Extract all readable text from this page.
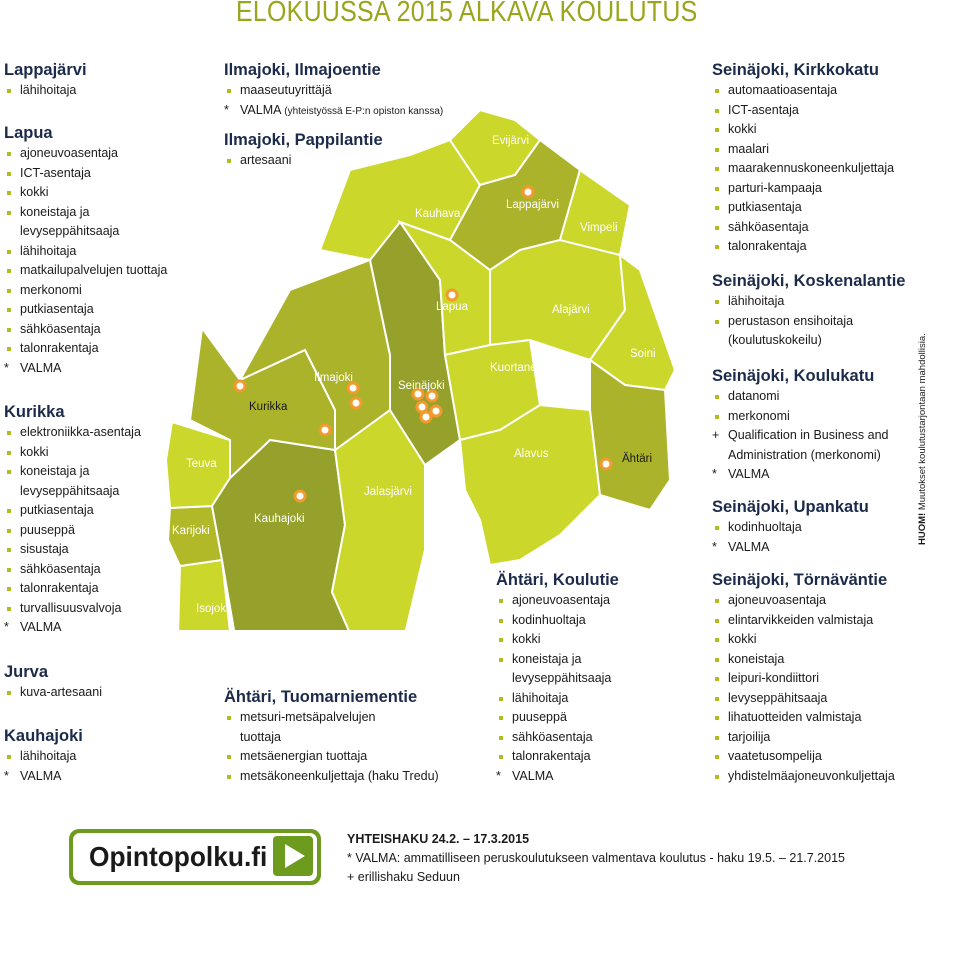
ELOKUUSSA 2015 ALKAVA KOULUTUS
Lappajärvi
lähihoitaja
Lapua
ajoneuvoasentaja
ICT-asentaja
kokki
koneistaja ja
levyseppähitsaaja
lähihoitaja
matkailupalvelujen tuottaja
merkonomi
putkiasentaja
sähköasentaja
talonrakentaja
* VALMA
Kurikka
elektroniikka-asentaja
kokki
koneistaja ja
levyseppähitsaaja
putkiasentaja
puuseppä
sisustaja
sähköasentaja
talonrakentaja
turvallisuusvalvoja
* VALMA
Jurva
kuva-artesaani
Kauhajoki
lähihoitaja
* VALMA
Ilmajoki, Ilmajoentie
maaseutuyrittäjä
* VALMA (yhteistyössä E-P:n opiston kanssa)
Ilmajoki, Pappilantie
artesaani
Evijärvi
Lappajärvi
Vimpeli
Kauhava
Lapua	Alajärvi
Soini
Kuortane
Ilmajoki
Seinäjoki
Kurikka
Alavus	Ähtäri
Teuva
Jalasjärvi
Kauhajoki
Karijoki
Isojoki
Ähtäri, Tuomarniementie
metsuri-metsäpalvelujen
tuottaja
metsäenergian tuottaja
metsäkoneenkuljettaja (haku Tredu)
Ähtäri, Koulutie
ajoneuvoasentaja
kodinhuoltaja
kokki
koneistaja ja
levyseppähitsaaja
lähihoitaja
puuseppä
sähköasentaja
talonrakentaja
* VALMA
Seinäjoki, Kirkkokatu
automaatioasentaja
ICT-asentaja
kokki
maalari
maarakennuskoneenkuljettaja
parturi-kampaaja
putkiasentaja
sähköasentaja
talonrakentaja
Seinäjoki, Koskenalantie
lähihoitaja
perustason ensihoitaja
(koulutuskokeilu)
Seinäjoki, Koulukatu
datanomi
merkonomi
+ Qualification in Business and
Administration (merkonomi)
* VALMA
Seinäjoki, Upankatu
kodinhuoltaja
* VALMA
Seinäjoki, Törnäväntie
ajoneuvoasentaja
elintarvikkeiden valmistaja
kokki
koneistaja
leipuri-kondiittori
levyseppähitsaaja
lihatuotteiden valmistaja
tarjoilija
vaatetusompelija
yhdistelmäajoneuvonkuljettaja
Opintopolku.fi
YHTEISHAKU 24.2. – 17.3.2015
* VALMA: ammatilliseen peruskoulutukseen valmentava koulutus - haku 19.5. – 21.7.2015
+ erillishaku Seduun
HUOM! Muutokset koulutustarjontaan mahdollisia.
